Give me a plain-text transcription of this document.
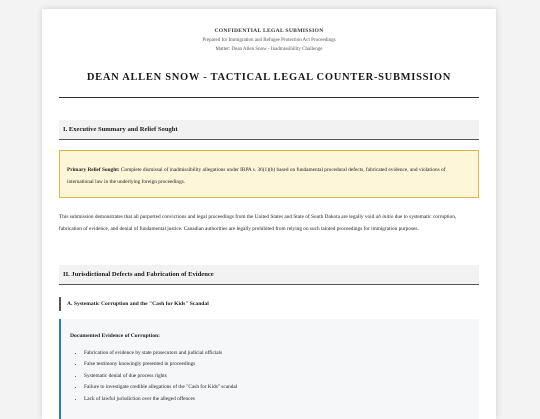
CONFIDENTIAL LEGAL SUBMISSION
Prepared for Immigration and Refugee Protection Act Proceedings
Matter: Dean Allen Snow - Inadmissibility Challenge
DEAN ALLEN SNOW - TACTICAL LEGAL COUNTER-SUBMISSION
I. Executive Summary and Relief Sought
Primary Relief Sought: Complete dismissal of inadmissibility allegations under IRPA s. 36(1)(b) based on fundamental procedural defects, fabricated evidence, and violations of international law in the underlying foreign proceedings.
This submission demonstrates that all purported convictions and legal proceedings from the United States and State of South Dakota are legally void ab initio due to systematic corruption, fabrication of evidence, and denial of fundamental justice. Canadian authorities are legally prohibited from relying on such tainted proceedings for immigration purposes.
II. Jurisdictional Defects and Fabrication of Evidence
A. Systematic Corruption and the "Cash for Kids" Scandal
Documented Evidence of Corruption:
• Fabrication of evidence by state prosecutors and judicial officials
• False testimony knowingly presented in proceedings
• Systematic denial of due process rights
• Failure to investigate credible allegations of the "Cash for Kids" scandal
• Lack of lawful jurisdiction over the alleged offences
